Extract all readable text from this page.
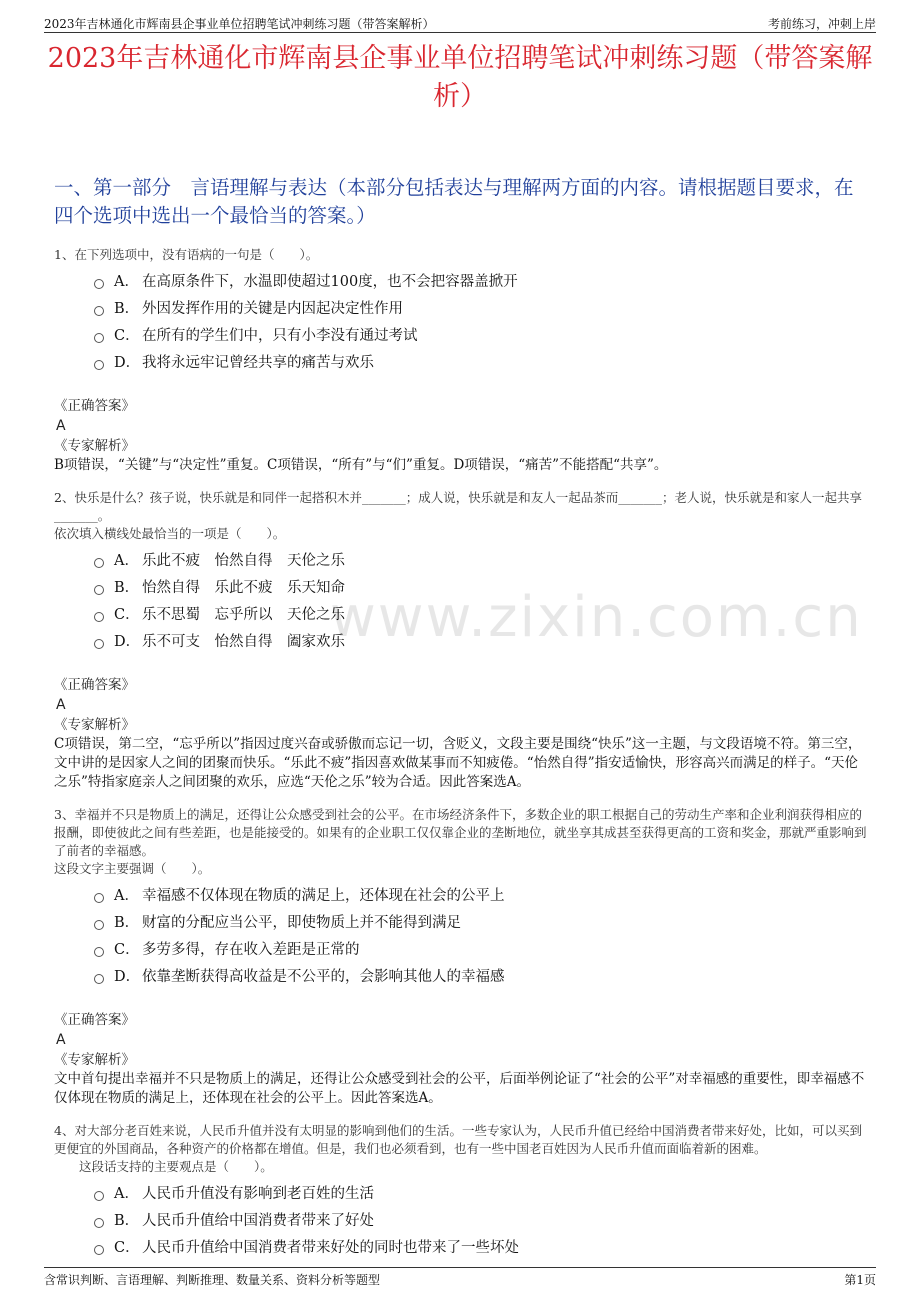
2023年吉林通化市辉南县企事业单位招聘笔试冲刺练习题（带答案解析）	考前练习，冲刺上岸
www.zixin.com.cn
2023年吉林通化市辉南县企事业单位招聘笔试冲刺练习题（带答案解析）
一、第一部分　言语理解与表达（本部分包括表达与理解两方面的内容。请根据题目要求，在四个选项中选出一个最恰当的答案。）
1、在下列选项中，没有语病的一句是（　　）。
A． 在高原条件下，水温即使超过100度，也不会把容器盖掀开
B． 外因发挥作用的关键是内因起决定性作用
C． 在所有的学生们中，只有小李没有通过考试
D． 我将永远牢记曾经共享的痛苦与欢乐
《正确答案》
A
《专家解析》
B项错误，“关键”与“决定性”重复。C项错误，“所有”与“们”重复。D项错误，“痛苦”不能搭配“共享”。
2、快乐是什么？孩子说，快乐就是和同伴一起搭积木并_______；成人说，快乐就是和友人一起品茶而_______；老人说，快乐就是和家人一起共享_______。
依次填入横线处最恰当的一项是（　　）。
A． 乐此不疲　怡然自得　天伦之乐
B． 怡然自得　乐此不疲　乐天知命
C． 乐不思蜀　忘乎所以　天伦之乐
D． 乐不可支　怡然自得　阖家欢乐
《正确答案》
A
《专家解析》
C项错误，第二空，“忘乎所以”指因过度兴奋或骄傲而忘记一切，含贬义，文段主要是围绕“快乐”这一主题，与文段语境不符。第三空，文中讲的是因家人之间的团聚而快乐。“乐此不疲”指因喜欢做某事而不知疲倦。“怡然自得”指安适愉快，形容高兴而满足的样子。“天伦之乐”特指家庭亲人之间团聚的欢乐，应选“天伦之乐”较为合适。因此答案选A。
3、幸福并不只是物质上的满足，还得让公众感受到社会的公平。在市场经济条件下，多数企业的职工根据自己的劳动生产率和企业利润获得相应的报酬，即使彼此之间有些差距，也是能接受的。如果有的企业职工仅仅靠企业的垄断地位，就坐享其成甚至获得更高的工资和奖金，那就严重影响到了前者的幸福感。
这段文字主要强调（　　）。
A． 幸福感不仅体现在物质的满足上，还体现在社会的公平上
B． 财富的分配应当公平，即使物质上并不能得到满足
C． 多劳多得，存在收入差距是正常的
D． 依靠垄断获得高收益是不公平的，会影响其他人的幸福感
《正确答案》
A
《专家解析》
文中首句提出幸福并不只是物质上的满足，还得让公众感受到社会的公平，后面举例论证了“社会的公平”对幸福感的重要性，即幸福感不仅体现在物质的满足上，还体现在社会的公平上。因此答案选A。
4、对大部分老百姓来说，人民币升值并没有太明显的影响到他们的生活。一些专家认为，人民币升值已经给中国消费者带来好处，比如，可以买到更便宜的外国商品，各种资产的价格都在增值。但是，我们也必须看到，也有一些中国老百姓因为人民币升值而面临着新的困难。
　　这段话支持的主要观点是（　　）。
A． 人民币升值没有影响到老百姓的生活
B． 人民币升值给中国消费者带来了好处
C． 人民币升值给中国消费者带来好处的同时也带来了一些坏处
含常识判断、言语理解、判断推理、数量关系、资料分析等题型	第1页
